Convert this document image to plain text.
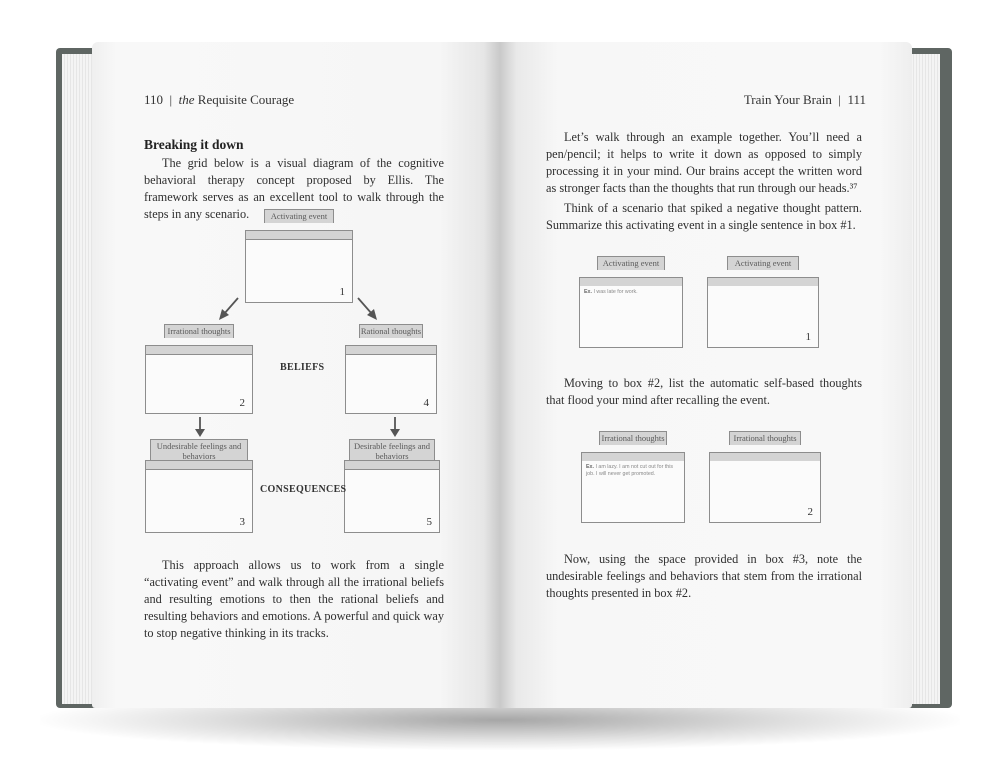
110 | the Requisite Courage
Breaking it down

The grid below is a visual diagram of the cognitive behavioral therapy concept proposed by Ellis. The framework serves as an excellent tool to walk through the steps in any scenario.	Activating event
1
Irrational thoughts
2
Rational thoughts
4
Undesirable feelings and behaviors
3
Desirable feelings and behaviors
5
BELIEFS
CONSEQUENCES

This approach allows us to work from a single “activating event” and walk through all the irrational beliefs and resulting emotions to then the rational beliefs and resulting behaviors and emotions. A powerful and quick way to stop negative thinking in its tracks.

Train Your Brain | 111

Let’s walk through an example together. You’ll need a pen/pencil; it helps to write it down as opposed to simply processing it in your mind. Our brains accept the written word as stronger facts than the thoughts that run through our heads.³⁷

Think of a scenario that spiked a negative thought pattern. Summarize this activating event in a single sentence in box #1.

Activating event
Ex. I was late for work.
Activating event
1

Moving to box #2, list the automatic self-based thoughts that flood your mind after recalling the event.

Irrational thoughts
Ex. I am lazy. I am not cut out for this job. I will never get promoted.
Irrational thoughts
2

Now, using the space provided in box #3, note the undesirable feelings and behaviors that stem from the irrational thoughts presented in box #2.
